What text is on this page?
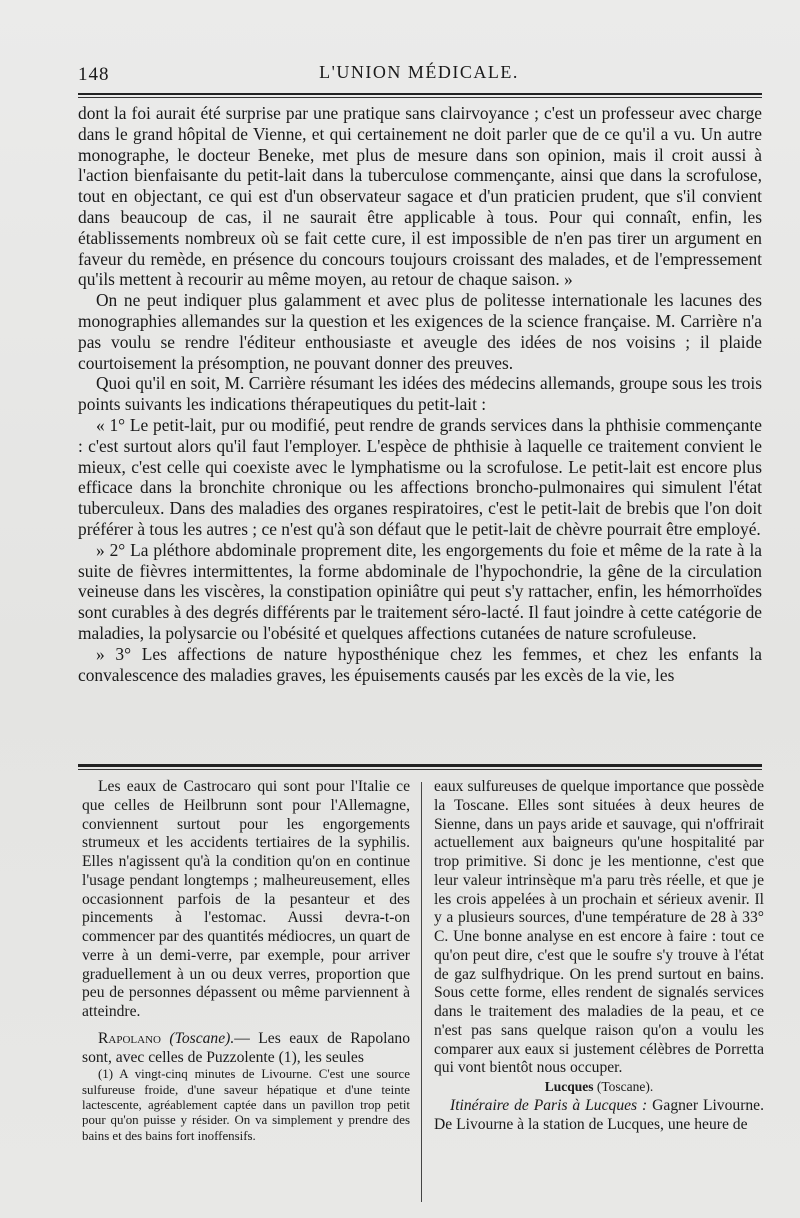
148	L'UNION MÉDICALE.

dont la foi aurait été surprise par une pratique sans clairvoyance ; c'est un professeur avec charge dans le grand hôpital de Vienne, et qui certainement ne doit parler que de ce qu'il a vu. Un autre monographe, le docteur Beneke, met plus de mesure dans son opinion, mais il croit aussi à l'action bienfaisante du petit-lait dans la tuberculose commençante, ainsi que dans la scrofulose, tout en objectant, ce qui est d'un observateur sagace et d'un praticien prudent, que s'il convient dans beaucoup de cas, il ne saurait être applicable à tous. Pour qui connaît, enfin, les établissements nombreux où se fait cette cure, il est impossible de n'en pas tirer un argument en faveur du remède, en présence du concours toujours croissant des malades, et de l'empressement qu'ils mettent à recourir au même moyen, au retour de chaque saison. »

On ne peut indiquer plus galamment et avec plus de politesse internationale les lacunes des monographies allemandes sur la question et les exigences de la science française. M. Carrière n'a pas voulu se rendre l'éditeur enthousiaste et aveugle des idées de nos voisins ; il plaide courtoisement la présomption, ne pouvant donner des preuves.

Quoi qu'il en soit, M. Carrière résumant les idées des médecins allemands, groupe sous les trois points suivants les indications thérapeutiques du petit-lait :

« 1° Le petit-lait, pur ou modifié, peut rendre de grands services dans la phthisie commençante : c'est surtout alors qu'il faut l'employer. L'espèce de phthisie à laquelle ce traitement convient le mieux, c'est celle qui coexiste avec le lymphatisme ou la scrofulose. Le petit-lait est encore plus efficace dans la bronchite chronique ou les affections broncho-pulmonaires qui simulent l'état tuberculeux. Dans des maladies des organes respiratoires, c'est le petit-lait de brebis que l'on doit préférer à tous les autres ; ce n'est qu'à son défaut que le petit-lait de chèvre pourrait être employé.

» 2° La pléthore abdominale proprement dite, les engorgements du foie et même de la rate à la suite de fièvres intermittentes, la forme abdominale de l'hypochondrie, la gêne de la circulation veineuse dans les viscères, la constipation opiniâtre qui peut s'y rattacher, enfin, les hémorrhoïdes sont curables à des degrés différents par le traitement séro-lacté. Il faut joindre à cette catégorie de maladies, la polysarcie ou l'obésité et quelques affections cutanées de nature scrofuleuse.

» 3° Les affections de nature hyposthénique chez les femmes, et chez les enfants la convalescence des maladies graves, les épuisements causés par les excès de la vie, les

Les eaux de Castrocaro qui sont pour l'Italie ce que celles de Heilbrunn sont pour l'Allemagne, conviennent surtout pour les engorgements strumeux et les accidents tertiaires de la syphilis. Elles n'agissent qu'à la condition qu'on en continue l'usage pendant longtemps ; malheureusement, elles occasionnent parfois de la pesanteur et des pincements à l'estomac. Aussi devra-t-on commencer par des quantités médiocres, un quart de verre à un demi-verre, par exemple, pour arriver graduellement à un ou deux verres, proportion que peu de personnes dépassent ou même parviennent à atteindre.

Rapolano (Toscane).— Les eaux de Rapolano sont, avec celles de Puzzolente (1), les seules

(1) A vingt-cinq minutes de Livourne. C'est une source sulfureuse froide, d'une saveur hépatique et d'une teinte lactescente, agréablement captée dans un pavillon trop petit pour qu'on puisse y résider. On va simplement y prendre des bains et des bains fort inoffensifs.

eaux sulfureuses de quelque importance que possède la Toscane. Elles sont situées à deux heures de Sienne, dans un pays aride et sauvage, qui n'offrirait actuellement aux baigneurs qu'une hospitalité par trop primitive. Si donc je les mentionne, c'est que leur valeur intrinsèque m'a paru très réelle, et que je les crois appelées à un prochain et sérieux avenir. Il y a plusieurs sources, d'une température de 28 à 33° C. Une bonne analyse en est encore à faire : tout ce qu'on peut dire, c'est que le soufre s'y trouve à l'état de gaz sulfhydrique. On les prend surtout en bains. Sous cette forme, elles rendent de signalés services dans le traitement des maladies de la peau, et ce n'est pas sans quelque raison qu'on a voulu les comparer aux eaux si justement célèbres de Porretta qui vont bientôt nous occuper.

Lucques (Toscane).

Itinéraire de Paris à Lucques : Gagner Livourne. De Livourne à la station de Lucques, une heure de
